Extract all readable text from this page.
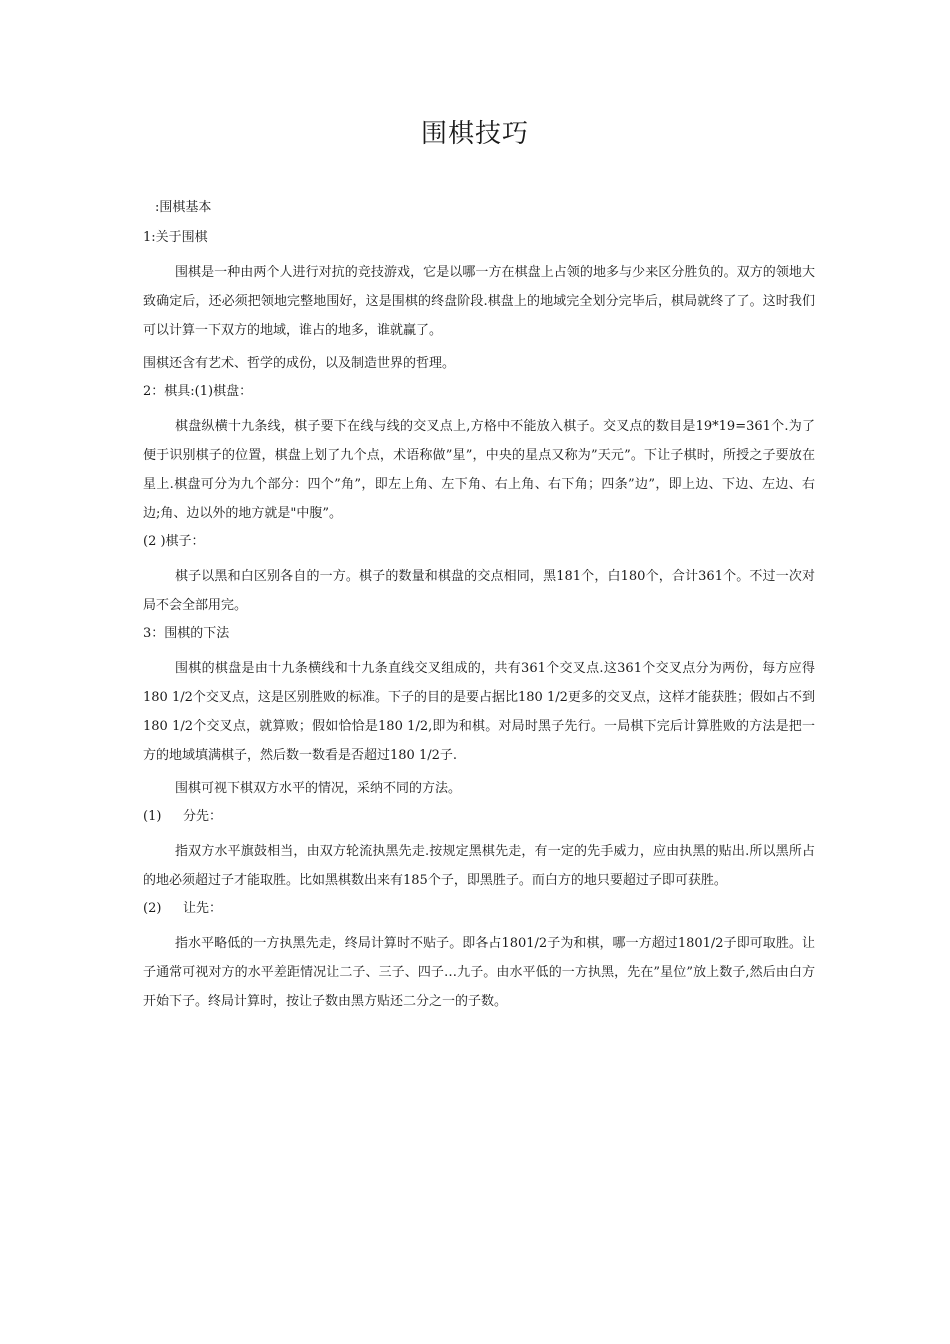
围棋技巧

:围棋基本

1:关于围棋

围棋是一种由两个人进行对抗的竞技游戏，它是以哪一方在棋盘上占领的地多与少来区分胜负的。双方的领地大致确定后，还必须把领地完整地围好，这是围棋的终盘阶段.棋盘上的地域完全划分完毕后，棋局就终了了。这时我们可以计算一下双方的地域，谁占的地多，谁就赢了。

围棋还含有艺术、哲学的成份，以及制造世界的哲理。

2：棋具:(1)棋盘：

棋盘纵横十九条线，棋子要下在线与线的交叉点上,方格中不能放入棋子。交叉点的数目是19*19=361个.为了便于识别棋子的位置，棋盘上划了九个点，术语称做”星”，中央的星点又称为”天元”。下让子棋时，所授之子要放在星上.棋盘可分为九个部分：四个”角”，即左上角、左下角、右上角、右下角；四条”边”，即上边、下边、左边、右边;角、边以外的地方就是"中腹”。

(2 )棋子：

棋子以黑和白区别各自的一方。棋子的数量和棋盘的交点相同，黑181个，白180个，合计361个。不过一次对局不会全部用完。

3：围棋的下法

围棋的棋盘是由十九条横线和十九条直线交叉组成的，共有361个交叉点.这361个交叉点分为两份，每方应得180 1/2个交叉点，这是区别胜败的标准。下子的目的是要占据比180 1/2更多的交叉点，这样才能获胜；假如占不到180 1/2个交叉点，就算败；假如恰恰是180 1/2,即为和棋。对局时黑子先行。一局棋下完后计算胜败的方法是把一方的地域填满棋子，然后数一数看是否超过180 1/2子.

围棋可视下棋双方水平的情况，采纳不同的方法。

(1)	分先：

指双方水平旗鼓相当，由双方轮流执黑先走.按规定黑棋先走，有一定的先手威力，应由执黑的贴出.所以黑所占的地必须超过子才能取胜。比如黑棋数出来有185个子，即黑胜子。而白方的地只要超过子即可获胜。

(2)	让先：

指水平略低的一方执黑先走，终局计算时不贴子。即各占1801/2子为和棋，哪一方超过1801/2子即可取胜。让子通常可视对方的水平差距情况让二子、三子、四子…九子。由水平低的一方执黑，先在”星位”放上数子,然后由白方开始下子。终局计算时，按让子数由黑方贴还二分之一的子数。
